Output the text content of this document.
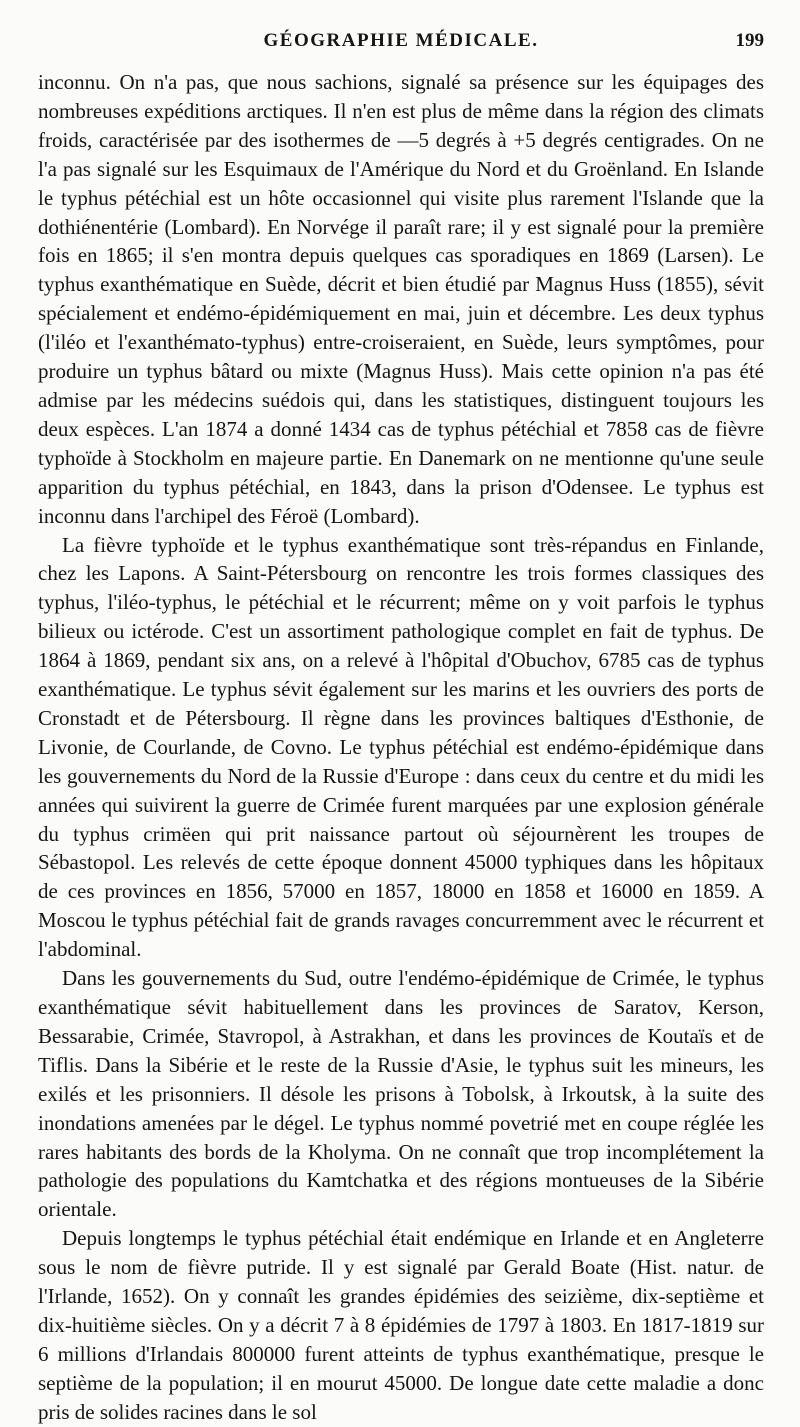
GÉOGRAPHIE MÉDICALE.	199

inconnu. On n'a pas, que nous sachions, signalé sa présence sur les équipages des nombreuses expéditions arctiques. Il n'en est plus de même dans la région des climats froids, caractérisée par des isothermes de —5 degrés à +5 degrés centigrades. On ne l'a pas signalé sur les Esquimaux de l'Amérique du Nord et du Groënland. En Islande le typhus pétéchial est un hôte occasionnel qui visite plus rarement l'Islande que la dothiénentérie (Lombard). En Norvége il paraît rare; il y est signalé pour la première fois en 1865; il s'en montra depuis quelques cas sporadiques en 1869 (Larsen). Le typhus exanthématique en Suède, décrit et bien étudié par Magnus Huss (1855), sévit spécialement et endémo-épidémiquement en mai, juin et décembre. Les deux typhus (l'iléo et l'exanthémato-typhus) entre-croiseraient, en Suède, leurs symptômes, pour produire un typhus bâtard ou mixte (Magnus Huss). Mais cette opinion n'a pas été admise par les médecins suédois qui, dans les statistiques, distinguent toujours les deux espèces. L'an 1874 a donné 1434 cas de typhus pétéchial et 7858 cas de fièvre typhoïde à Stockholm en majeure partie. En Danemark on ne mentionne qu'une seule apparition du typhus pétéchial, en 1843, dans la prison d'Odensee. Le typhus est inconnu dans l'archipel des Féroë (Lombard).

La fièvre typhoïde et le typhus exanthématique sont très-répandus en Finlande, chez les Lapons. A Saint-Pétersbourg on rencontre les trois formes classiques des typhus, l'iléo-typhus, le pétéchial et le récurrent; même on y voit parfois le typhus bilieux ou ictérode. C'est un assortiment pathologique complet en fait de typhus. De 1864 à 1869, pendant six ans, on a relevé à l'hôpital d'Obuchov, 6785 cas de typhus exanthématique. Le typhus sévit également sur les marins et les ouvriers des ports de Cronstadt et de Pétersbourg. Il règne dans les provinces baltiques d'Esthonie, de Livonie, de Courlande, de Covno. Le typhus pétéchial est endémo-épidémique dans les gouvernements du Nord de la Russie d'Europe : dans ceux du centre et du midi les années qui suivirent la guerre de Crimée furent marquées par une explosion générale du typhus crimëen qui prit naissance partout où séjournèrent les troupes de Sébastopol. Les relevés de cette époque donnent 45000 typhiques dans les hôpitaux de ces provinces en 1856, 57000 en 1857, 18000 en 1858 et 16000 en 1859. A Moscou le typhus pétéchial fait de grands ravages concurremment avec le récurrent et l'abdominal.

Dans les gouvernements du Sud, outre l'endémo-épidémique de Crimée, le typhus exanthématique sévit habituellement dans les provinces de Saratov, Kerson, Bessarabie, Crimée, Stavropol, à Astrakhan, et dans les provinces de Koutaïs et de Tiflis. Dans la Sibérie et le reste de la Russie d'Asie, le typhus suit les mineurs, les exilés et les prisonniers. Il désole les prisons à Tobolsk, à Irkoutsk, à la suite des inondations amenées par le dégel. Le typhus nommé povetrié met en coupe réglée les rares habitants des bords de la Kholyma. On ne connaît que trop incomplétement la pathologie des populations du Kamtchatka et des régions montueuses de la Sibérie orientale.

Depuis longtemps le typhus pétéchial était endémique en Irlande et en Angleterre sous le nom de fièvre putride. Il y est signalé par Gerald Boate (Hist. natur. de l'Irlande, 1652). On y connaît les grandes épidémies des seizième, dix-septième et dix-huitième siècles. On y a décrit 7 à 8 épidémies de 1797 à 1803. En 1817-1819 sur 6 millions d'Irlandais 800000 furent atteints de typhus exanthématique, presque le septième de la population; il en mourut 45000. De longue date cette maladie a donc pris de solides racines dans le sol
